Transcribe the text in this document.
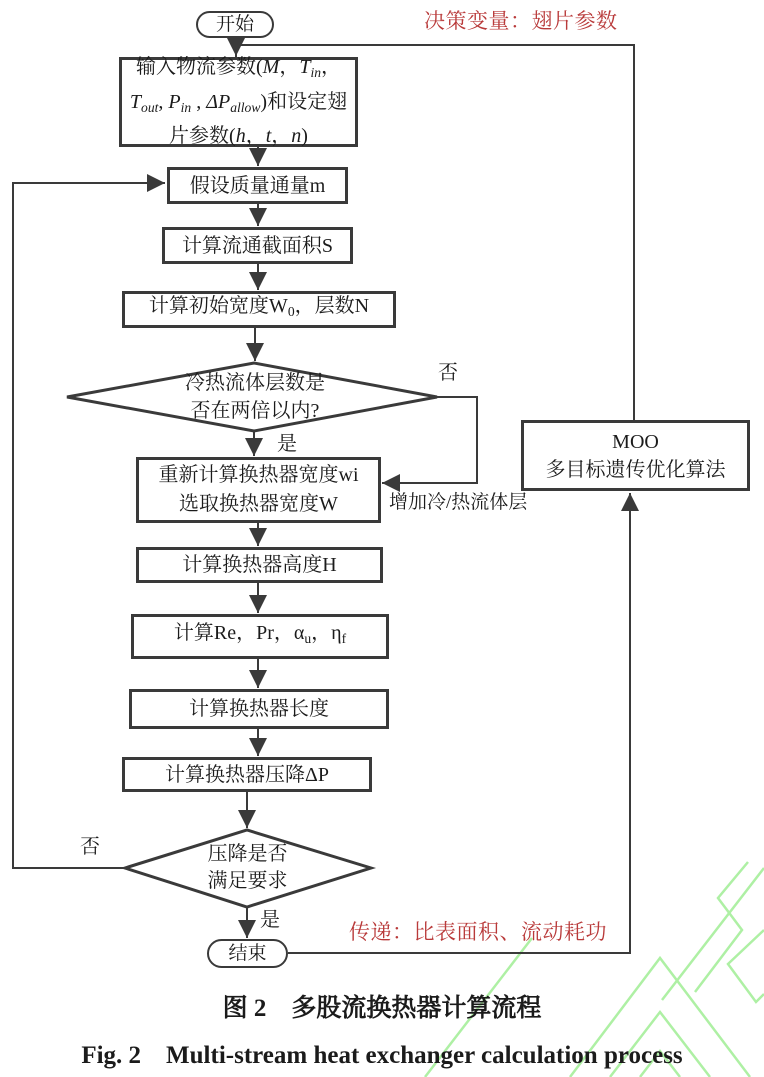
开始
输入物流参数(M，$T_{in}$，
$T_{out}$, $P_{in}$ , $\Delta P_{allow}$)和设定翅
片参数(h，t，n)
假设质量通量m
计算流通截面积S
计算初始宽度$W_0$，层数N
冷热流体层数是
否在两倍以内?
重新计算换热器宽度wi
选取换热器宽度W
计算换热器高度H
计算Re，Pr，$\alpha_u$，$\eta_f$
计算换热器长度
计算换热器压降ΔP
压降是否
满足要求
结束
MOO
多目标遗传优化算法
否
是
增加冷/热流体层
否
是
决策变量：翅片参数
传递：比表面积、流动耗功
图 2　多股流换热器计算流程
Fig. 2　Multi-stream heat exchanger calculation process
